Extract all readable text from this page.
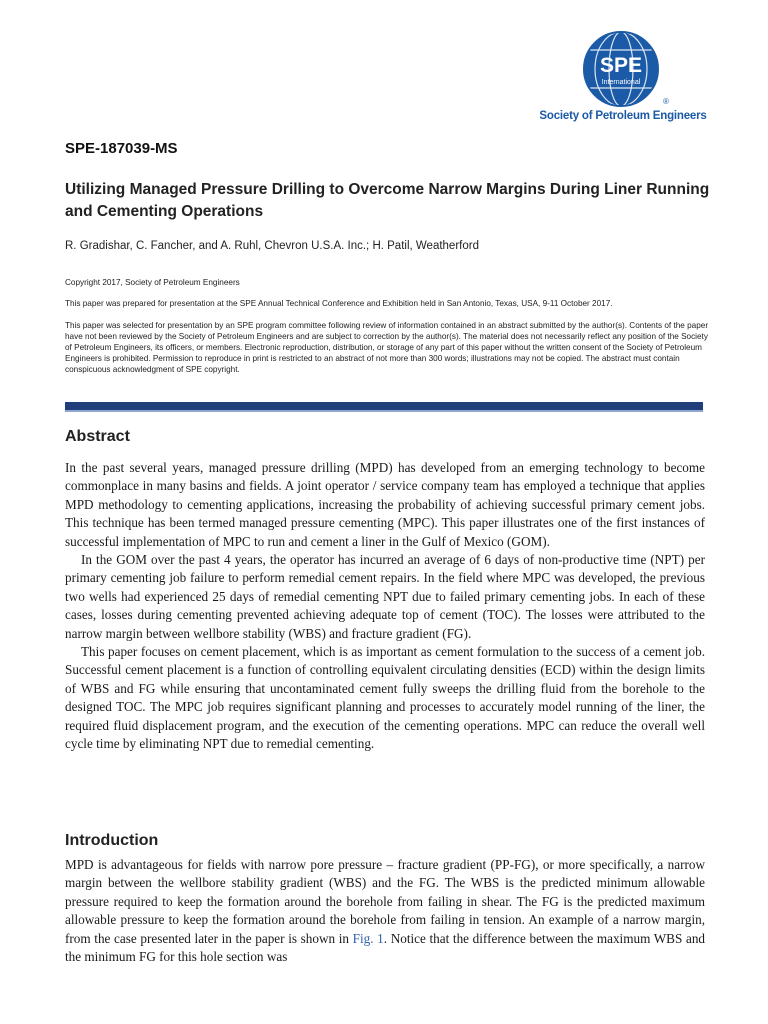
SPE
International
®
Society of Petroleum Engineers
SPE-187039-MS
Utilizing Managed Pressure Drilling to Overcome Narrow Margins During Liner Running and Cementing Operations
R. Gradishar, C. Fancher, and A. Ruhl, Chevron U.S.A. Inc.; H. Patil, Weatherford
Copyright 2017, Society of Petroleum Engineers
This paper was prepared for presentation at the SPE Annual Technical Conference and Exhibition held in San Antonio, Texas, USA, 9-11 October 2017.
This paper was selected for presentation by an SPE program committee following review of information contained in an abstract submitted by the author(s). Contents of the paper have not been reviewed by the Society of Petroleum Engineers and are subject to correction by the author(s). The material does not necessarily reflect any position of the Society of Petroleum Engineers, its officers, or members. Electronic reproduction, distribution, or storage of any part of this paper without the written consent of the Society of Petroleum Engineers is prohibited. Permission to reproduce in print is restricted to an abstract of not more than 300 words; illustrations may not be copied. The abstract must contain conspicuous acknowledgment of SPE copyright.
Abstract

In the past several years, managed pressure drilling (MPD) has developed from an emerging technology to become commonplace in many basins and fields. A joint operator / service company team has employed a technique that applies MPD methodology to cementing applications, increasing the probability of achieving successful primary cement jobs. This technique has been termed managed pressure cementing (MPC). This paper illustrates one of the first instances of successful implementation of MPC to run and cement a liner in the Gulf of Mexico (GOM).

In the GOM over the past 4 years, the operator has incurred an average of 6 days of non-productive time (NPT) per primary cementing job failure to perform remedial cement repairs. In the field where MPC was developed, the previous two wells had experienced 25 days of remedial cementing NPT due to failed primary cementing jobs. In each of these cases, losses during cementing prevented achieving adequate top of cement (TOC). The losses were attributed to the narrow margin between wellbore stability (WBS) and fracture gradient (FG).

This paper focuses on cement placement, which is as important as cement formulation to the success of a cement job. Successful cement placement is a function of controlling equivalent circulating densities (ECD) within the design limits of WBS and FG while ensuring that uncontaminated cement fully sweeps the drilling fluid from the borehole to the designed TOC. The MPC job requires significant planning and processes to accurately model running of the liner, the required fluid displacement program, and the execution of the cementing operations. MPC can reduce the overall well cycle time by eliminating NPT due to remedial cementing.

Introduction

MPD is advantageous for fields with narrow pore pressure – fracture gradient (PP-FG), or more specifically, a narrow margin between the wellbore stability gradient (WBS) and the FG. The WBS is the predicted minimum allowable pressure required to keep the formation around the borehole from failing in shear. The FG is the predicted maximum allowable pressure to keep the formation around the borehole from failing in tension. An example of a narrow margin, from the case presented later in the paper is shown in Fig. 1. Notice that the difference between the maximum WBS and the minimum FG for this hole section was
